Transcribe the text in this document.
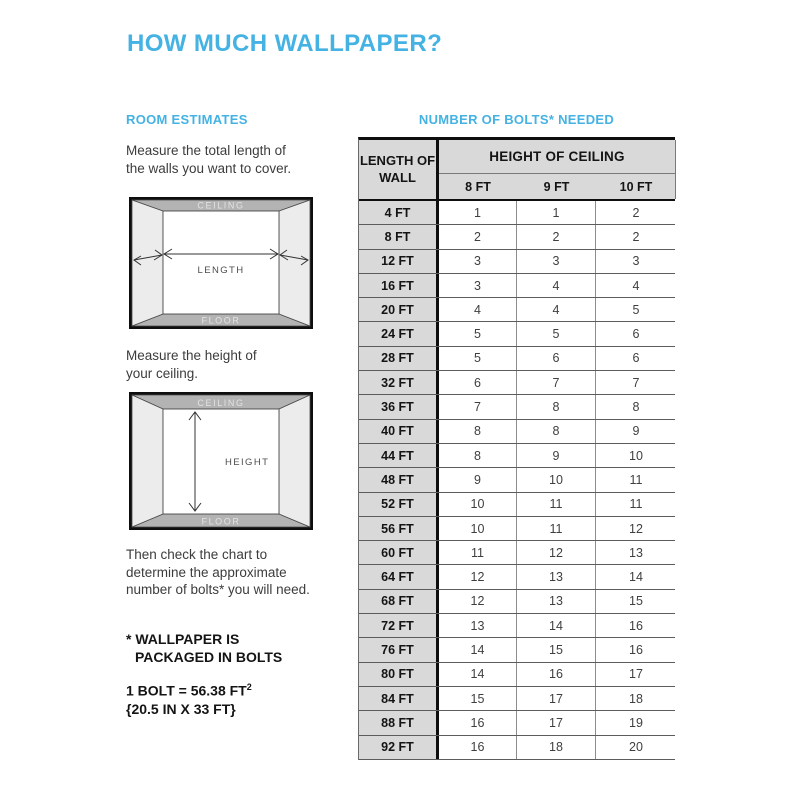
HOW MUCH WALLPAPER?
ROOM ESTIMATES
Measure the total length of
the walls you want to cover.
CEILING
FLOOR
LENGTH
Measure the height of
your ceiling.
CEILING
FLOOR
HEIGHT
Then check the chart to
determine the approximate
number of bolts* you will need.
* WALLPAPER IS
PACKAGED IN BOLTS
1 BOLT = 56.38 $FT^2$
{20.5 IN X 33 FT}
NUMBER OF BOLTS* NEEDED
LENGTH OF WALL
HEIGHT OF CEILING
8 FT	9 FT	10 FT
4 FT	1	1	2
8 FT	2	2	2
12 FT	3	3	3
16 FT	3	4	4
20 FT	4	4	5
24 FT	5	5	6
28 FT	5	6	6
32 FT	6	7	7
36 FT	7	8	8
40 FT	8	8	9
44 FT	8	9	10
48 FT	9	10	11
52 FT	10	11	11
56 FT	10	11	12
60 FT	11	12	13
64 FT	12	13	14
68 FT	12	13	15
72 FT	13	14	16
76 FT	14	15	16
80 FT	14	16	17
84 FT	15	17	18
88 FT	16	17	19
92 FT	16	18	20
